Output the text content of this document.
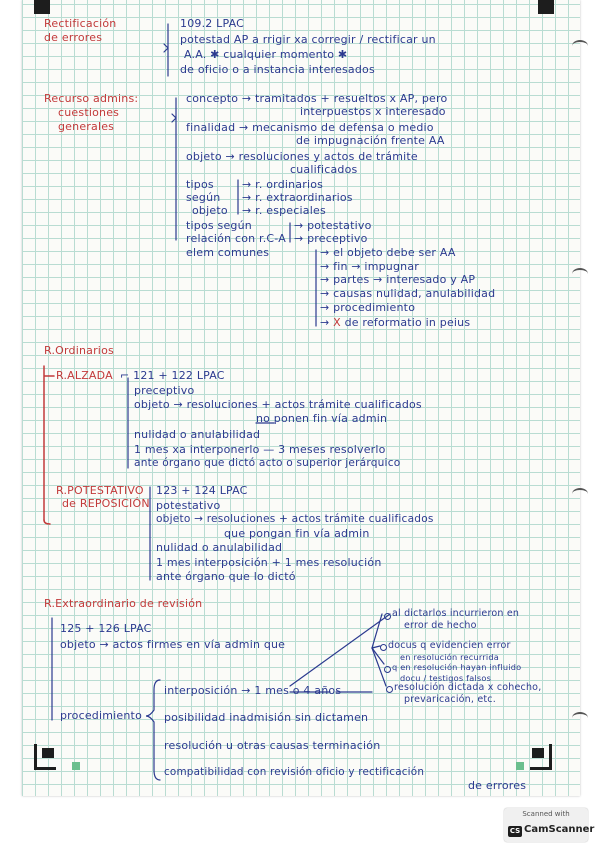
Rectificación
de errores
109.2 LPAC
potestad AP a rrigir xa corregir / rectificar un
A.A. ✱ cualquier momento ✱
de oficio o a instancia interesados
Recurso admins:
cuestiones
generales
concepto → tramitados + resueltos x AP, pero
interpuestos x interesado
finalidad → mecanismo de defensa o medio
de impugnación frente AA
objeto → resoluciones y actos de trámite
cualificados
tipos
según
objeto
→ r. ordinarios
→ r. extraordinarios
→ r. especiales
tipos según
relación con r.C-A
→ potestativo
→ preceptivo
elem comunes	→ el objeto debe ser AA
→ fin → impugnar
→ partes → interesado y AP
→ causas nulidad, anulabilidad
→ procedimiento
→ X de reformatio in peius
R.Ordinarios
R.ALZADA ⌐ 121 + 122 LPAC
preceptivo
objeto → resoluciones + actos trámite cualificados
no ponen fin vía admin
nulidad o anulabilidad
1 mes xa interponerlo — 3 meses resolverlo
ante órgano que dictó acto o superior jerárquico
R.POTESTATIVO
de REPOSICIÓN
123 + 124 LPAC
potestativo
objeto → resoluciones + actos trámite cualificados
que pongan fin vía admin
nulidad o anulabilidad
1 mes interposición + 1 mes resolución
ante órgano que lo dictó
R.Extraordinario de revisión
125 + 126 LPAC
objeto → actos firmes en vía admin que
al dictarlos incurrieron en
error de hecho
docus q evidencien error
en resolución recurrida
q en resolución hayan influido
docu / testigos falsos
resolución dictada x cohecho,
prevaricación, etc.
procedimiento
interposición → 1 mes o 4 años
posibilidad inadmisión sin dictamen
resolución u otras causas terminación
compatibilidad con revisión oficio y rectificación
de errores
Scanned with
CS CamScanner
